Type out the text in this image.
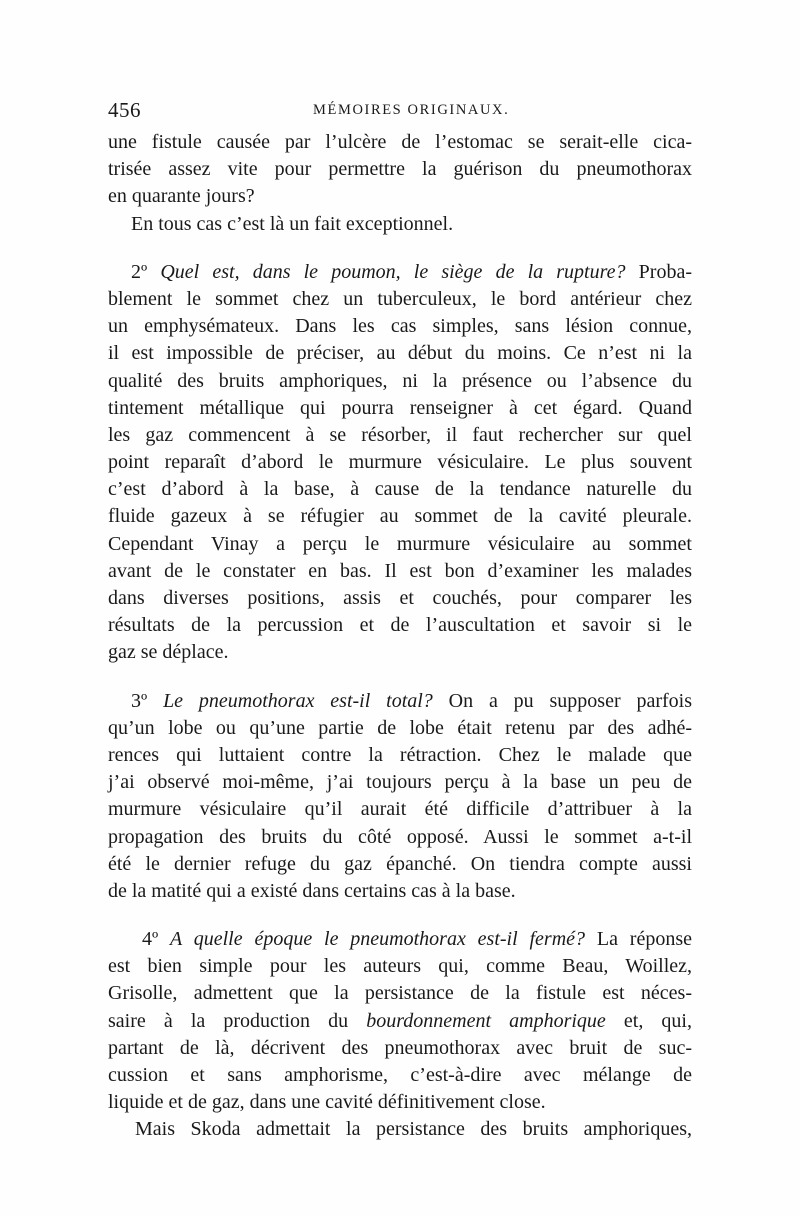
456	MÉMOIRES ORIGINAUX.
une fistule causée par l’ulcère de l’estomac se serait-elle cica-
trisée assez vite pour permettre la guérison du pneumothorax
en quarante jours?
En tous cas c’est là un fait exceptionnel.
2º Quel est, dans le poumon, le siège de la rupture? Proba-
blement le sommet chez un tuberculeux, le bord antérieur chez
un emphysémateux. Dans les cas simples, sans lésion connue,
il est impossible de préciser, au début du moins. Ce n’est ni la
qualité des bruits amphoriques, ni la présence ou l’absence du
tintement métallique qui pourra renseigner à cet égard. Quand
les gaz commencent à se résorber, il faut rechercher sur quel
point reparaît d’abord le murmure vésiculaire. Le plus souvent
c’est d’abord à la base, à cause de la tendance naturelle du
fluide gazeux à se réfugier au sommet de la cavité pleurale.
Cependant Vinay a perçu le murmure vésiculaire au sommet
avant de le constater en bas. Il est bon d’examiner les malades
dans diverses positions, assis et couchés, pour comparer les
résultats de la percussion et de l’auscultation et savoir si le
gaz se déplace.
3º Le pneumothorax est-il total? On a pu supposer parfois
qu’un lobe ou qu’une partie de lobe était retenu par des adhé-
rences qui luttaient contre la rétraction. Chez le malade que
j’ai observé moi-même, j’ai toujours perçu à la base un peu de
murmure vésiculaire qu’il aurait été difficile d’attribuer à la
propagation des bruits du côté opposé. Aussi le sommet a-t-il
été le dernier refuge du gaz épanché. On tiendra compte aussi
de la matité qui a existé dans certains cas à la base.
4º A quelle époque le pneumothorax est-il fermé? La réponse
est bien simple pour les auteurs qui, comme Beau, Woillez,
Grisolle, admettent que la persistance de la fistule est néces-
saire à la production du bourdonnement amphorique et, qui,
partant de là, décrivent des pneumothorax avec bruit de suc-
cussion et sans amphorisme, c’est-à-dire avec mélange de
liquide et de gaz, dans une cavité définitivement close.
Mais Skoda admettait la persistance des bruits amphoriques,
